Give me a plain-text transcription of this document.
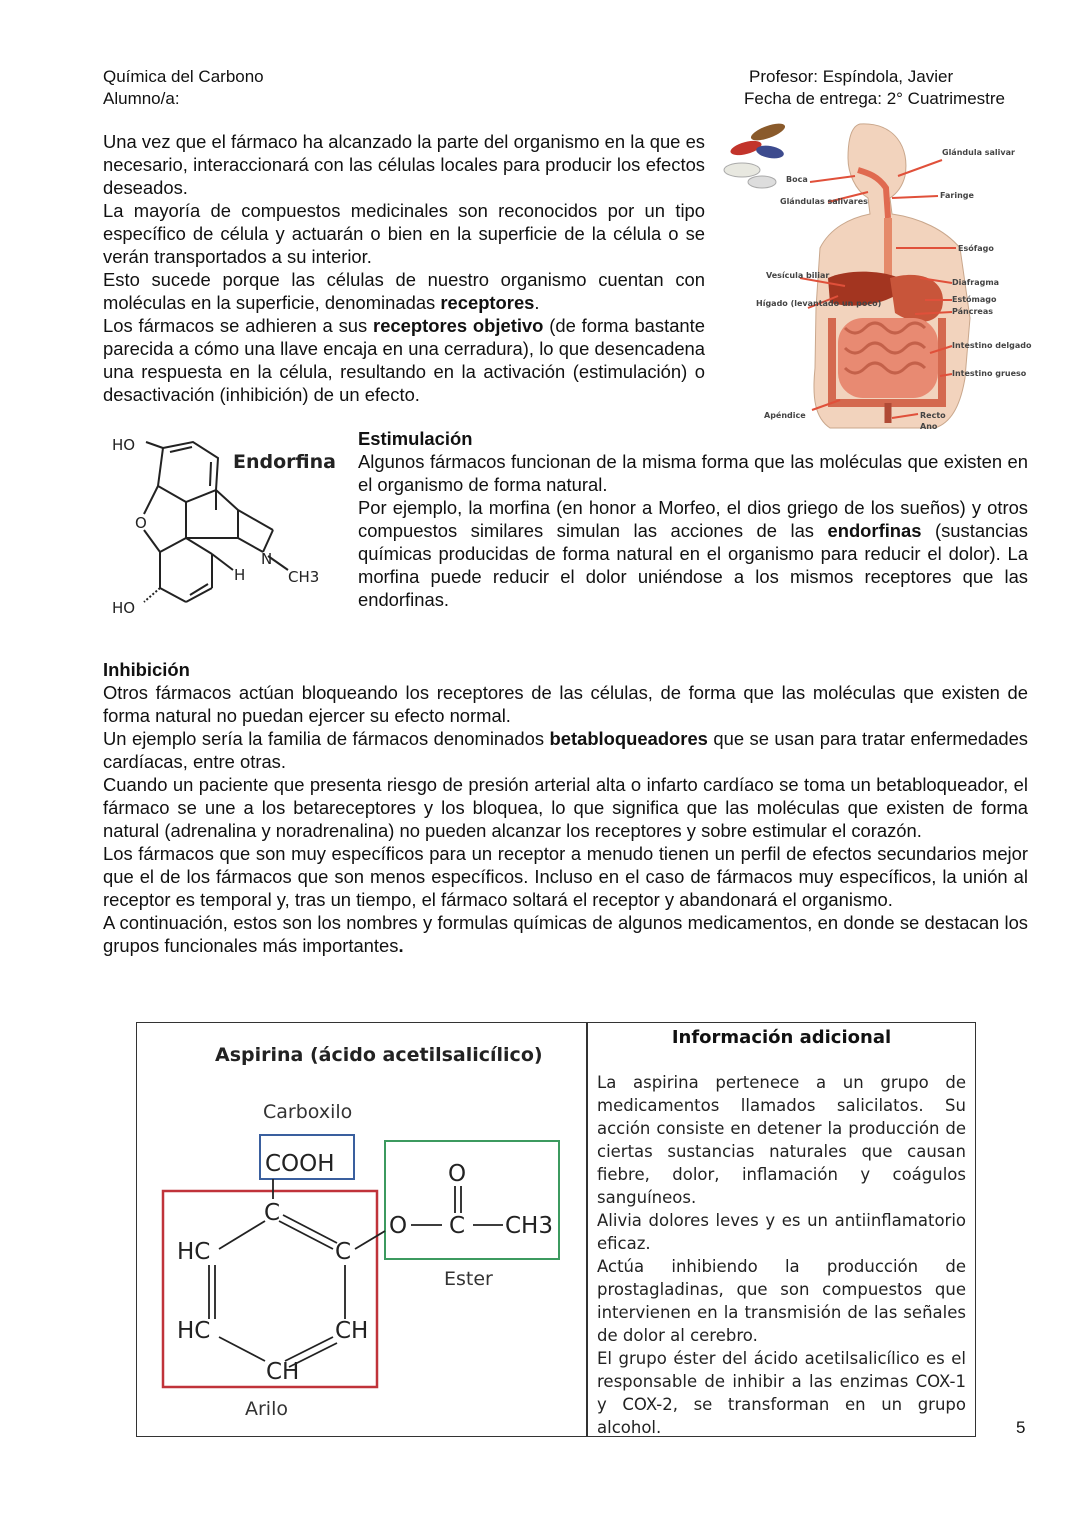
Química del Carbono
Alumno/a:
Profesor: Espíndola, Javier
Fecha de entrega: 2° Cuatrimestre

Una vez que el fármaco ha alcanzado la parte del organismo en la que es necesario, interaccionará con las células locales para producir los efectos deseados.

La mayoría de compuestos medicinales son reconocidos por un tipo específico de célula y actuarán o bien en la superficie de la célula o se verán transportados a su interior.

Esto sucede porque las células de nuestro organismo cuentan con moléculas en la superficie, denominadas receptores.

Los fármacos se adhieren a sus receptores objetivo (de forma bastante parecida a cómo una llave encaja en una cerradura), lo que desencadena una respuesta en la célula, resultando en la activación (estimulación) o desactivación (inhibición) de un efecto.

Glándula salivar
Boca
Glándulas salivares
Faringe
Esófago
Vesícula biliar
Diafragma
Hígado (levantado un poco)	Estómago
Páncreas
Intestino delgado
Intestino grueso
Apéndice	Recto
Ano
HO
O
HO
H
N
CH3
Endorfina

Estimulación

Algunos fármacos funcionan de la misma forma que las moléculas que existen en el organismo de forma natural.

Por ejemplo, la morfina (en honor a Morfeo, el dios griego de los sueños) y otros compuestos similares simulan las acciones de las endorfinas (sustancias químicas producidas de forma natural en el organismo para reducir el dolor). La morfina puede reducir el dolor uniéndose a los mismos receptores que las endorfinas.

Inhibición

Otros fármacos actúan bloqueando los receptores de las células, de forma que las moléculas que existen de forma natural no puedan ejercer su efecto normal.

Un ejemplo sería la familia de fármacos denominados betabloqueadores que se usan para tratar enfermedades cardíacas, entre otras.

Cuando un paciente que presenta riesgo de presión arterial alta o infarto cardíaco se toma un betabloqueador, el fármaco se une a los betareceptores y los bloquea, lo que significa que las moléculas que existen de forma natural (adrenalina y noradrenalina) no pueden alcanzar los receptores y sobre estimular el corazón.

Los fármacos que son muy específicos para un receptor a menudo tienen un perfil de efectos secundarios mejor que el de los fármacos que son menos específicos. Incluso en el caso de fármacos muy específicos, la unión al receptor es temporal y, tras un tiempo, el fármaco soltará el receptor y abandonará el organismo.

A continuación, estos son los nombres y formulas químicas de algunos medicamentos, en donde se destacan los grupos funcionales más importantes.

Aspirina (ácido acetilsalicílico)
Carboxilo
COOH
C
HC	C
HC	CH
CH
O
O C CH3
Ester
Arilo
Información adicional

La aspirina pertenece a un grupo de medicamentos llamados salicilatos. Su acción consiste en detener la producción de ciertas sustancias naturales que causan fiebre, dolor, inflamación y coágulos sanguíneos.

Alivia dolores leves y es un antiinflamatorio eficaz.

Actúa inhibiendo la producción de prostagladinas, que son compuestos que intervienen en la transmisión de las señales de dolor al cerebro.

El grupo éster del ácido acetilsalicílico es el responsable de inhibir a las enzimas COX-1 y COX-2, se transforman en un grupo alcohol.	5
